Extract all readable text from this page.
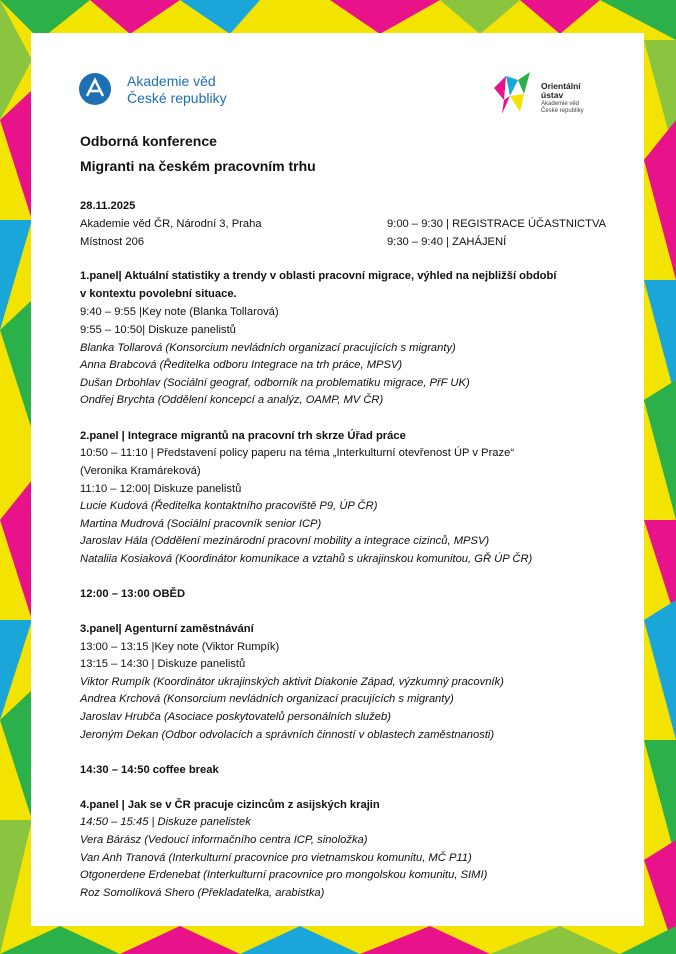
Akademie věd
České republiky
Orientální
ústav
Akademie věd
České republiky
Odborná konference
Migranti na českém pracovním trhu
28.11.2025
Akademie věd ČR, Národní 3, Praha	9:00 – 9:30 | REGISTRACE ÚČASTNICTVA
Místnost 206	9:30 – 9:40 | ZAHÁJENÍ
1.panel| Aktuální statistiky a trendy v oblasti pracovní migrace, výhled na nejbližší období
v kontextu povolební situace.
9:40 – 9:55 |Key note (Blanka Tollarová)
9:55 – 10:50| Diskuze panelistů
Blanka Tollarová (Konsorcium nevládních organizací pracujících s migranty)
Anna Brabcová (Ředitelka odboru Integrace na trh práce, MPSV)
Dušan Drbohlav (Sociální geograf, odborník na problematiku migrace, PřF UK)
Ondřej Brychta (Oddělení koncepcí a analýz, OAMP, MV ČR)
2.panel | Integrace migrantů na pracovní trh skrze Úřad práce
10:50 – 11:10 | Představení policy paperu na téma „Interkulturní otevřenost ÚP v Praze“
(Veronika Kramáreková)
11:10 – 12:00| Diskuze panelistů
Lucie Kudová (Ředitelka kontaktního pracoviště P9, ÚP ČR)
Martina Mudrová (Sociální pracovník senior ICP)
Jaroslav Hála (Oddělení mezinárodní pracovní mobility a integrace cizinců, MPSV)
Nataliia Kosiaková (Koordinátor komunikace a vztahů s ukrajinskou komunitou, GŘ ÚP ČR)
12:00 – 13:00 OBĚD
3.panel| Agenturní zaměstnávání
13:00 – 13:15 |Key note (Viktor Rumpík)
13:15 – 14:30 | Diskuze panelistů
Viktor Rumpík (Koordinátor ukrajinských aktivit Diakonie Západ, výzkumný pracovník)
Andrea Krchová (Konsorcium nevládních organizací pracujících s migranty)
Jaroslav Hrubča (Asociace poskytovatelů personálních služeb)
Jeroným Dekan (Odbor odvolacích a správních činností v oblastech zaměstnanosti)
14:30 – 14:50 coffee break
4.panel | Jak se v ČR pracuje cizincům z asijských krajin
14:50 – 15:45 | Diskuze panelistek
Vera Bárász (Vedoucí informačního centra ICP, sinoložka)
Van Anh Tranová (Interkulturní pracovnice pro vietnamskou komunitu, MČ P11)
Otgonerdene Erdenebat (Interkulturní pracovnice pro mongolskou komunitu, SIMI)
Roz Somolíková Shero (Překladatelka, arabistka)
